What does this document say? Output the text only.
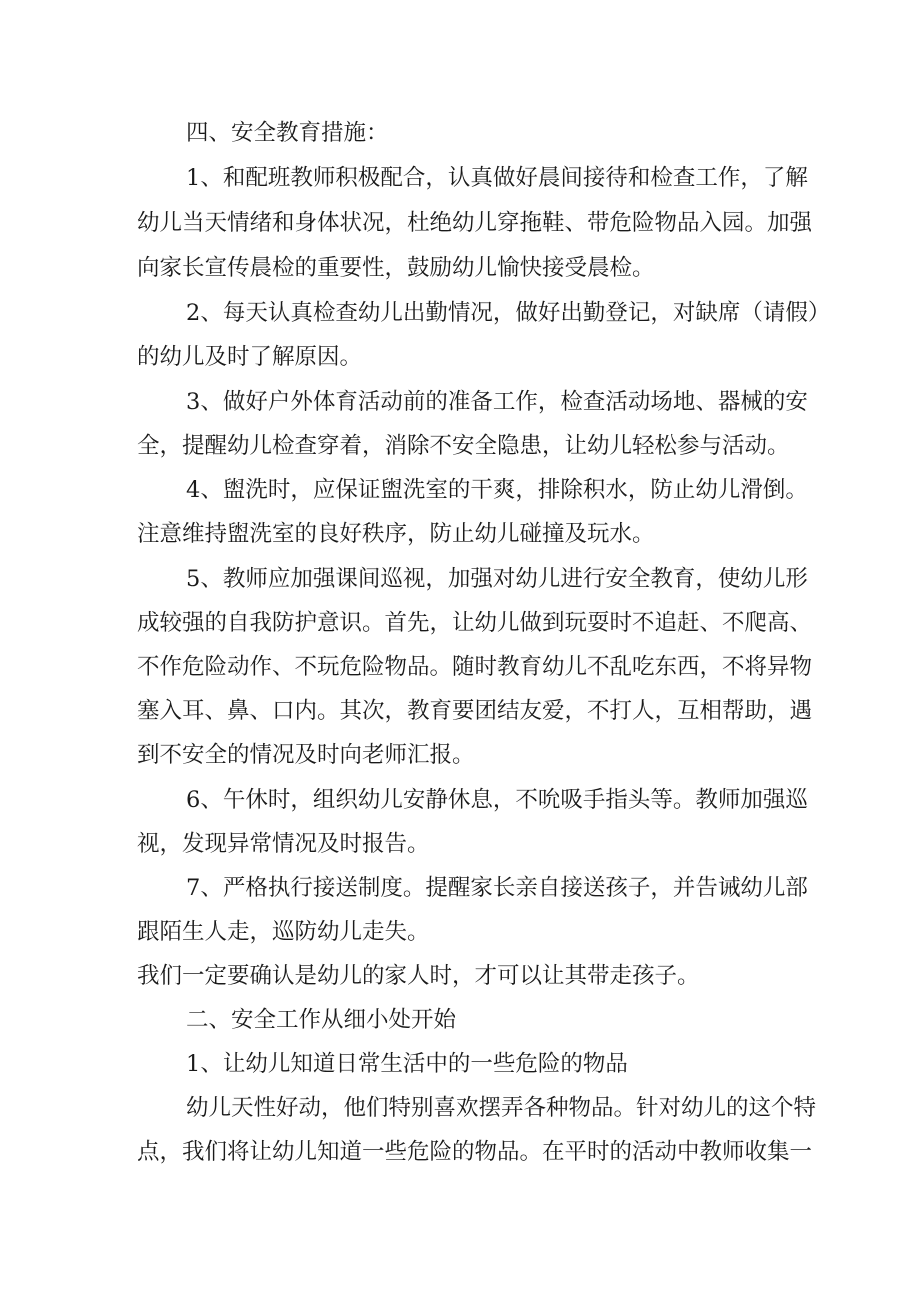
四、安全教育措施：

1、和配班教师积极配合，认真做好晨间接待和检查工作，了解

幼儿当天情绪和身体状况，杜绝幼儿穿拖鞋、带危险物品入园。加强

向家长宣传晨检的重要性，鼓励幼儿愉快接受晨检。

2、每天认真检查幼儿出勤情况，做好出勤登记，对缺席（请假）

的幼儿及时了解原因。

3、做好户外体育活动前的准备工作，检查活动场地、器械的安

全，提醒幼儿检查穿着，消除不安全隐患，让幼儿轻松参与活动。

4、盥洗时，应保证盥洗室的干爽，排除积水，防止幼儿滑倒。

注意维持盥洗室的良好秩序，防止幼儿碰撞及玩水。

5、教师应加强课间巡视，加强对幼儿进行安全教育，使幼儿形

成较强的自我防护意识。首先，让幼儿做到玩耍时不追赶、不爬高、

不作危险动作、不玩危险物品。随时教育幼儿不乱吃东西，不将异物

塞入耳、鼻、口内。其次，教育要团结友爱，不打人，互相帮助，遇

到不安全的情况及时向老师汇报。

6、午休时，组织幼儿安静休息，不吮吸手指头等。教师加强巡

视，发现异常情况及时报告。

7、严格执行接送制度。提醒家长亲自接送孩子，并告诫幼儿部

跟陌生人走，巡防幼儿走失。

我们一定要确认是幼儿的家人时，才可以让其带走孩子。

二、安全工作从细小处开始

1、让幼儿知道日常生活中的一些危险的物品

幼儿天性好动，他们特别喜欢摆弄各种物品。针对幼儿的这个特

点，我们将让幼儿知道一些危险的物品。在平时的活动中教师收集一
